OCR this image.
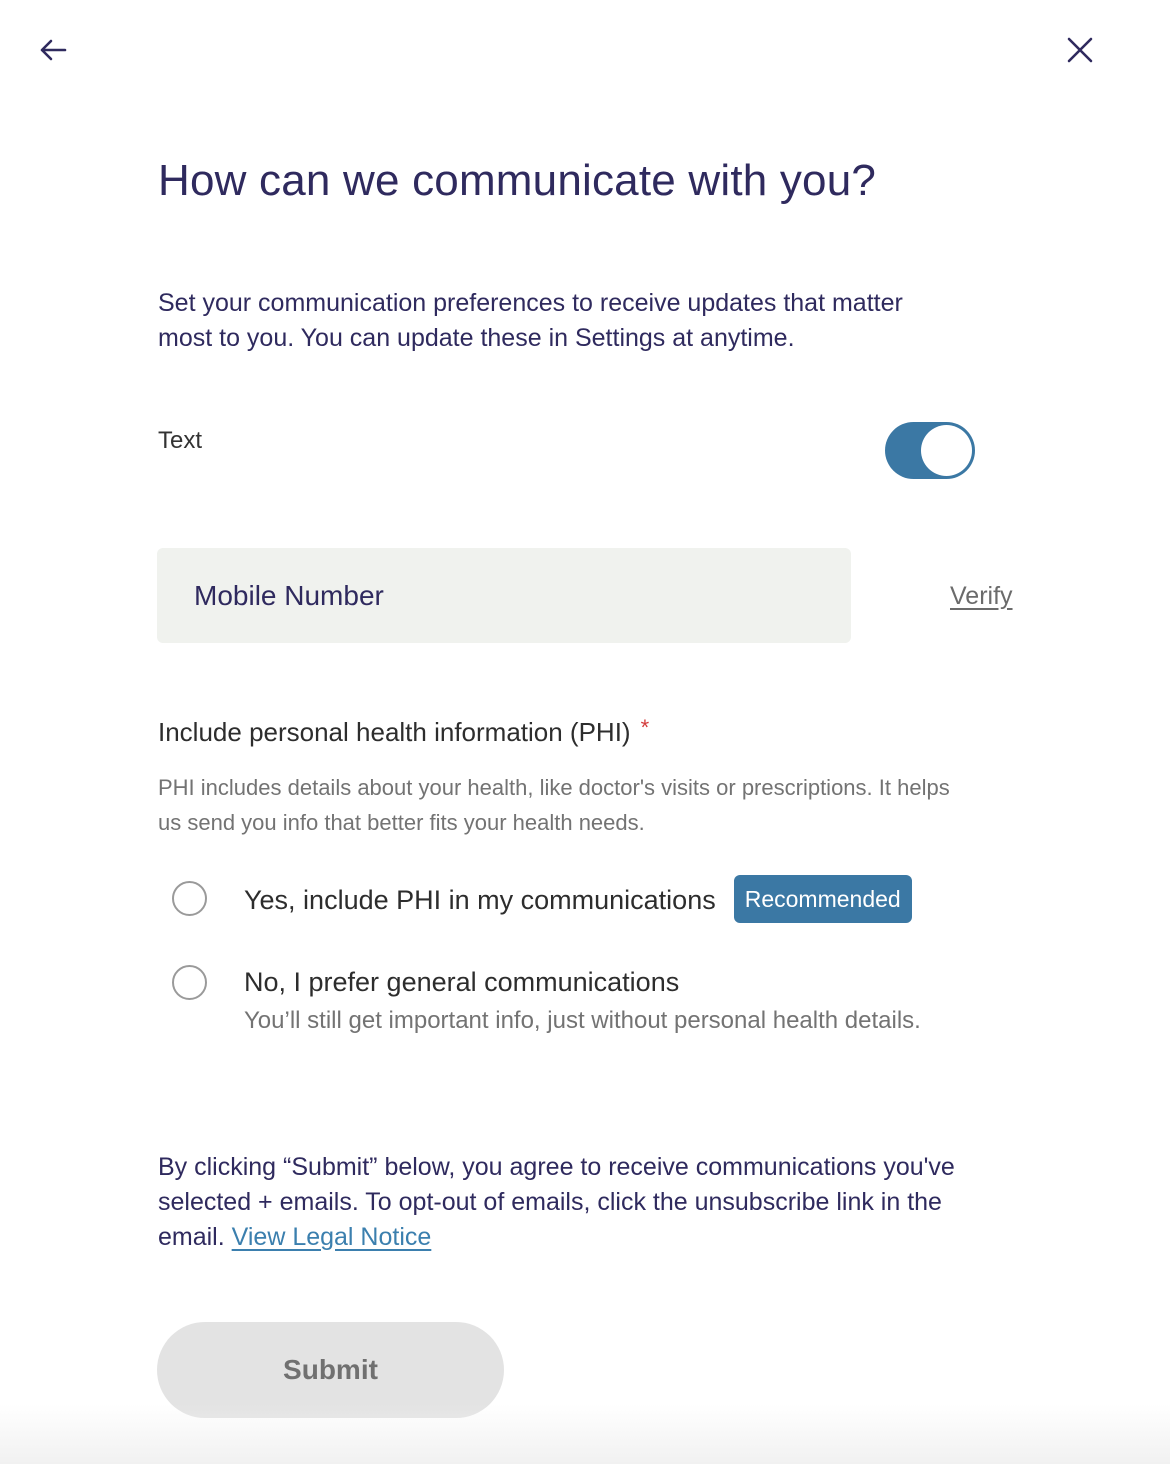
How can we communicate with you?

Set your communication preferences to receive updates that matter most to you. You can update these in Settings at anytime.

Text
Mobile Number
Verify
Include personal health information (PHI) *

PHI includes details about your health, like doctor's visits or prescriptions. It helps us send you info that better fits your health needs.

Yes, include PHI in my communications Recommended
No, I prefer general communications
You’ll still get important info, just without personal health details.

By clicking “Submit” below, you agree to receive communications you've selected + emails. To opt-out of emails, click the unsubscribe link in the email. View Legal Notice

Submit
